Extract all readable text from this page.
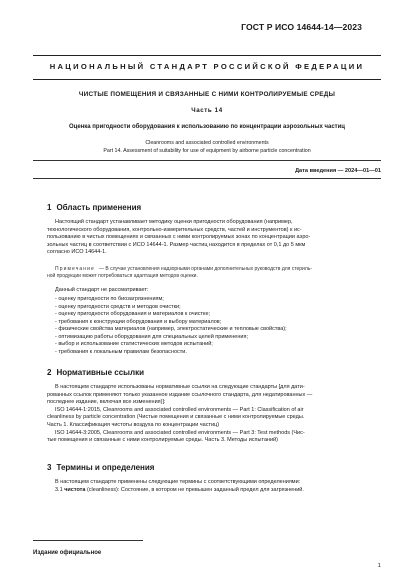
ГОСТ Р ИСО 14644-14—2023
НАЦИОНАЛЬНЫЙ СТАНДАРТ РОССИЙСКОЙ ФЕДЕРАЦИИ
ЧИСТЫЕ ПОМЕЩЕНИЯ И СВЯЗАННЫЕ С НИМИ КОНТРОЛИРУЕМЫЕ СРЕДЫ
Часть 14
Оценка пригодности оборудования к использованию по концентрации аэрозольных частиц
Cleanrooms and associated controlled environments
Part 14. Assessment of suitability for use of equipment by airborne particle concentration
Дата введения — 2024—01—01
1 Область применения
Настоящий стандарт устанавливает методику оценки пригодности оборудования (например,
технологического оборудования, контрольно-измерительных средств, частей и инструментов) к ис-
пользованию в чистых помещениях и связанных с ними контролируемых зонах по концентрации аэро-
зольных частиц в соответствии с ИСО 14644-1. Размер частиц находится в пределах от 0,1 до 5 мкм
согласно ИСО 14644-1.
Примечание — В случае установления надзорными органами дополнительных руководств для стериль-
ной продукции может потребоваться адаптация методов оценки.
Данный стандарт не рассматривает:
- оценку пригодности по биозагрязнениям;
- оценку пригодности средств и методов очистки;
- оценку пригодности оборудования и материалов к очистке;
- требования к конструкции оборудования и выбору материалов;
- физические свойства материалов (например, электростатические и тепловые свойства);
- оптимизацию работы оборудования для специальных целей применения;
- выбор и использование статистических методов испытаний;
- требования к локальным правилам безопасности.
2 Нормативные ссылки
В настоящем стандарте использованы нормативные ссылки на следующие стандарты [для дати-
рованных ссылок применяют только указанное издание ссылочного стандарта, для недатированных —
последнее издание, включая все изменения)]:
ISO 14644-1:2015, Cleanrooms and associated controlled environments — Part 1: Classification of air
cleanliness by particle concentration (Чистые помещения и связанные с ними контролируемые среды.
Часть 1. Классификация чистоты воздуха по концентрации частиц)
ISO 14644-3:2005, Cleanrooms and associated controlled environments — Part 3: Test methods (Чис-
тые помещения и связанные с ними контролируемые среды. Часть 3. Методы испытаний)
3 Термины и определения
В настоящем стандарте применены следующие термины с соответствующими определениями:
3.1 чистота (cleanliness): Состояние, в котором не превышен заданный предел для загрязнений.
Издание официальное
1
